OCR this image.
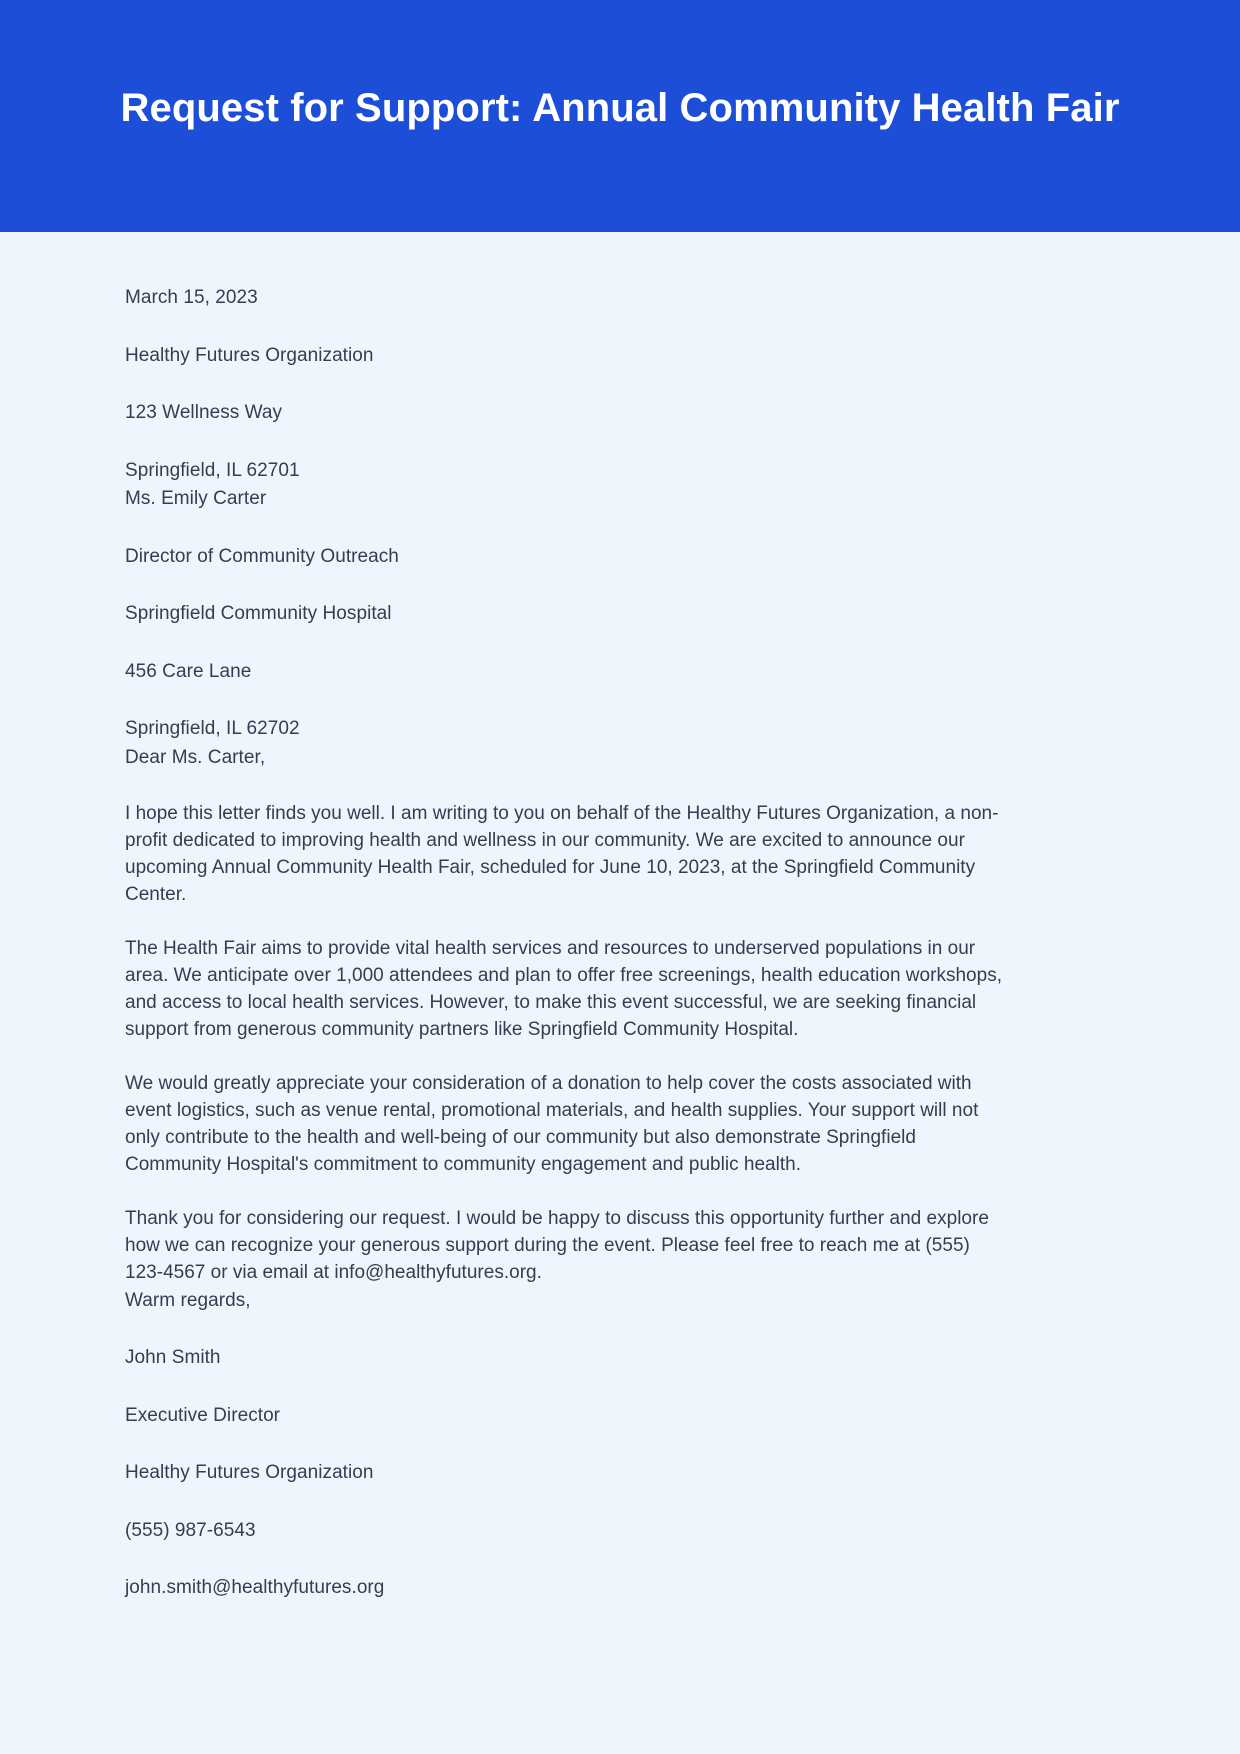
Request for Support: Annual Community Health Fair

March 15, 2023

Healthy Futures Organization

123 Wellness Way

Springfield, IL 62701

Ms. Emily Carter

Director of Community Outreach

Springfield Community Hospital

456 Care Lane

Springfield, IL 62702

Dear Ms. Carter,

I hope this letter finds you well. I am writing to you on behalf of the Healthy Futures Organization, a non-profit dedicated to improving health and wellness in our community. We are excited to announce our upcoming Annual Community Health Fair, scheduled for June 10, 2023, at the Springfield Community Center.

The Health Fair aims to provide vital health services and resources to underserved populations in our area. We anticipate over 1,000 attendees and plan to offer free screenings, health education workshops, and access to local health services. However, to make this event successful, we are seeking financial support from generous community partners like Springfield Community Hospital.

We would greatly appreciate your consideration of a donation to help cover the costs associated with event logistics, such as venue rental, promotional materials, and health supplies. Your support will not only contribute to the health and well-being of our community but also demonstrate Springfield Community Hospital's commitment to community engagement and public health.

Thank you for considering our request. I would be happy to discuss this opportunity further and explore how we can recognize your generous support during the event. Please feel free to reach me at (555) 123-4567 or via email at info@healthyfutures.org.

Warm regards,

John Smith

Executive Director

Healthy Futures Organization

(555) 987-6543

john.smith@healthyfutures.org
